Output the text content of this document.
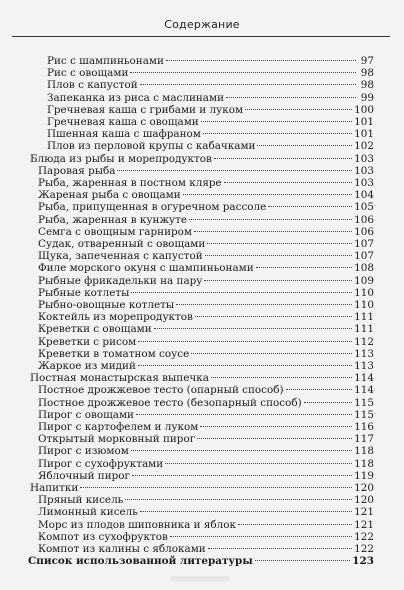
Содержание
Рис с шампиньонами	97
Рис с овощами	98
Плов с капустой	98
Запеканка из риса с маслинами	99
Гречневая каша с грибами и луком	100
Гречневая каша с овощами	101
Пшенная каша с шафраном	101
Плов из перловой крупы с кабачками	102
Блюда из рыбы и морепродуктов	103
Паровая рыба	103
Рыба, жаренная в постном кляре	103
Жареная рыба с овощами	104
Рыба, припущенная в огуречном рассоле	105
Рыба, жаренная в кунжуте	106
Семга с овощным гарниром	106
Судак, отваренный с овощами	107
Щука, запеченная с капустой	107
Филе морского окуня с шампиньонами	108
Рыбные фрикадельки на пару	109
Рыбные котлеты	110
Рыбно-овощные котлеты	110
Коктейль из морепродуктов	111
Креветки с овощами	111
Креветки с рисом	112
Креветки в томатном соусе	113
Жаркое из мидий	113
Постная монастырская выпечка	114
Постное дрожжевое тесто (опарный способ)	114
Постное дрожжевое тесто (безопарный способ)	115
Пирог с овощами	115
Пирог с картофелем и луком	116
Открытый морковный пирог	117
Пирог с изюмом	118
Пирог с сухофруктами	118
Яблочный пирог	119
Напитки	120
Пряный кисель	120
Лимонный кисель	121
Морс из плодов шиповника и яблок	121
Компот из сухофруктов	122
Компот из калины с яблоками	122
Список использованной литературы	123
